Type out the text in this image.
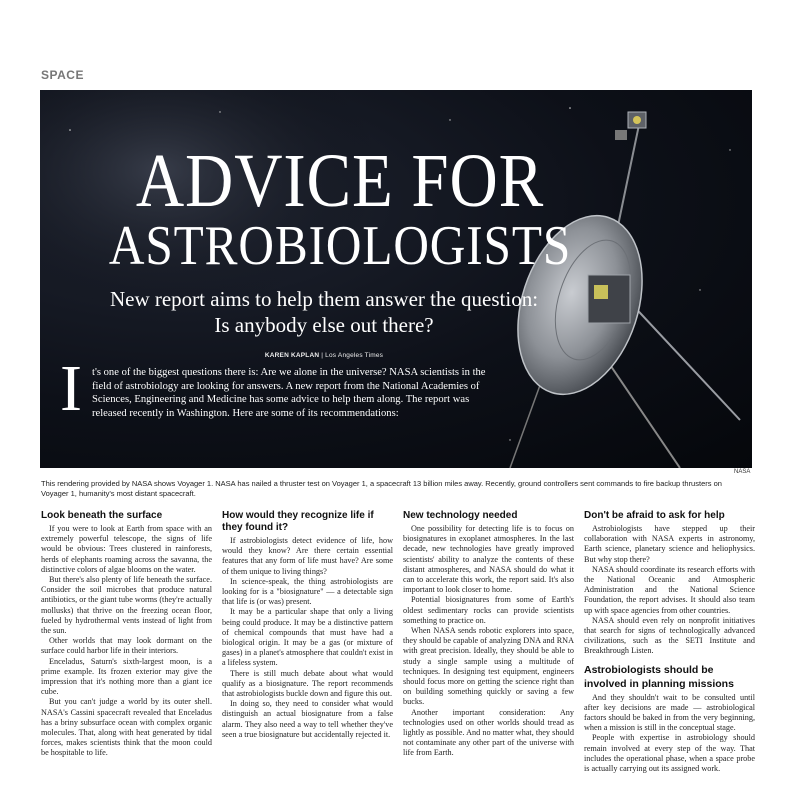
SPACE
ADVICE FOR
ASTROBIOLOGISTS
New report aims to help them answer the question:
Is anybody else out there?
KAREN KAPLAN | Los Angeles Times
I t's one of the biggest questions there is: Are we alone in the universe? NASA scientists in the field of astrobiology are looking for answers. A new report from the National Academies of Sciences, Engineering and Medicine has some advice to help them along. The report was released recently in Washington. Here are some of its recommendations:
NASA
This rendering provided by NASA shows Voyager 1. NASA has nailed a thruster test on Voyager 1, a spacecraft 13 billion miles away. Recently, ground controllers sent commands to fire backup thrusters on Voyager 1, humanity's most distant spacecraft.
Look beneath the surface

If you were to look at Earth from space with an extremely powerful telescope, the signs of life would be obvious: Trees clustered in rainforests, herds of elephants roaming across the savanna, the distinctive colors of algae blooms on the water.

But there's also plenty of life beneath the surface. Consider the soil microbes that produce natural antibiotics, or the giant tube worms (they're actually mollusks) that thrive on the freezing ocean floor, fueled by hydrothermal vents instead of light from the sun.

Other worlds that may look dormant on the surface could harbor life in their interiors.

Enceladus, Saturn's sixth-largest moon, is a prime example. Its frozen exterior may give the impression that it's nothing more than a giant ice cube.

But you can't judge a world by its outer shell. NASA's Cassini spacecraft revealed that Enceladus has a briny subsurface ocean with complex organic molecules. That, along with heat generated by tidal forces, makes scientists think that the moon could be hospitable to life.

How would they recognize life if they found it?

If astrobiologists detect evidence of life, how would they know? Are there certain essential features that any form of life must have? Are some of them unique to living things?

In science-speak, the thing astrobiologists are looking for is a "biosignature" — a detectable sign that life is (or was) present.

It may be a particular shape that only a living being could produce. It may be a distinctive pattern of chemical compounds that must have had a biological origin. It may be a gas (or mixture of gases) in a planet's atmosphere that couldn't exist in a lifeless system.

There is still much debate about what would qualify as a biosignature. The report recommends that astrobiologists buckle down and figure this out.

In doing so, they need to consider what would distinguish an actual biosignature from a false alarm. They also need a way to tell whether they've seen a true biosignature but accidentally rejected it.

New technology needed

One possibility for detecting life is to focus on biosignatures in exoplanet atmospheres. In the last decade, new technologies have greatly improved scientists' ability to analyze the contents of these distant atmospheres, and NASA should do what it can to accelerate this work, the report said. It's also important to look closer to home.

Potential biosignatures from some of Earth's oldest sedimentary rocks can provide scientists something to practice on.

When NASA sends robotic explorers into space, they should be capable of analyzing DNA and RNA with great precision. Ideally, they should be able to study a single sample using a multitude of techniques. In designing test equipment, engineers should focus more on getting the science right than on building something quickly or saving a few bucks.

Another important consideration: Any technologies used on other worlds should tread as lightly as possible. And no matter what, they should not contaminate any other part of the universe with life from Earth.

Don't be afraid to ask for help

Astrobiologists have stepped up their collaboration with NASA experts in astronomy, Earth science, planetary science and heliophysics. But why stop there?

NASA should coordinate its research efforts with the National Oceanic and Atmospheric Administration and the National Science Foundation, the report advises. It should also team up with space agencies from other countries.

NASA should even rely on nonprofit initiatives that search for signs of technologically advanced civilizations, such as the SETI Institute and Breakthrough Listen.

Astrobiologists should be involved in planning missions

And they shouldn't wait to be consulted until after key decisions are made — astrobiological factors should be baked in from the very beginning, when a mission is still in the conceptual stage.

People with expertise in astrobiology should remain involved at every step of the way. That includes the operational phase, when a space probe is actually carrying out its assigned work.
